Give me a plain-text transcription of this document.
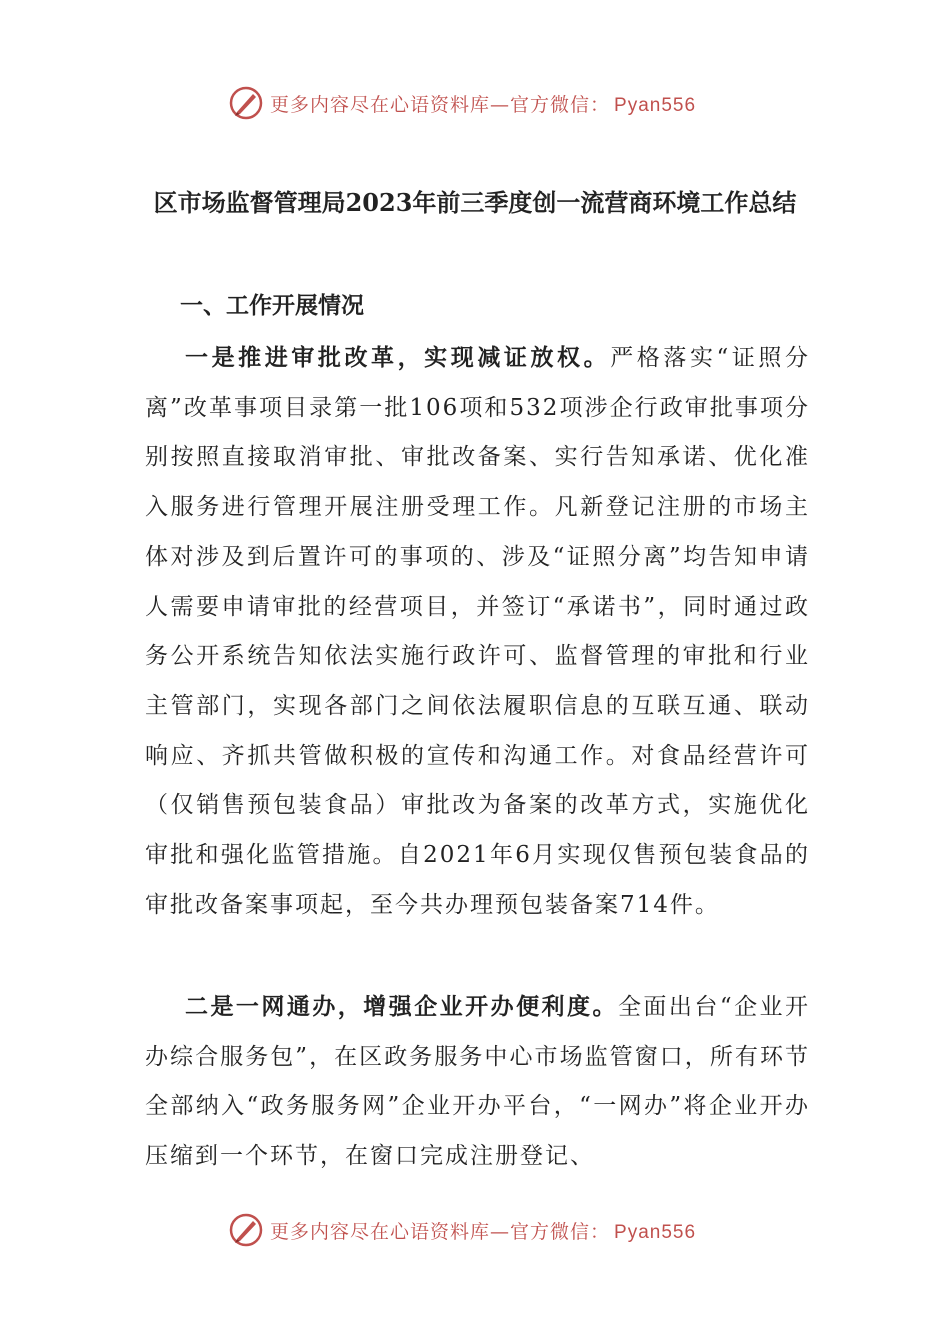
更多内容尽在心语资料库—官方微信： Pyan556
区市场监督管理局2023年前三季度创一流营商环境工作总结
一、工作开展情况

一是推进审批改革，实现减证放权。严格落实“证照分离”改革事项目录第一批106项和532项涉企行政审批事项分别按照直接取消审批、审批改备案、实行告知承诺、优化准入服务进行管理开展注册受理工作。凡新登记注册的市场主体对涉及到后置许可的事项的、涉及“证照分离”均告知申请人需要申请审批的经营项目，并签订“承诺书”，同时通过政务公开系统告知依法实施行政许可、监督管理的审批和行业主管部门，实现各部门之间依法履职信息的互联互通、联动响应、齐抓共管做积极的宣传和沟通工作。对食品经营许可（仅销售预包装食品）审批改为备案的改革方式，实施优化审批和强化监管措施。自2021年6月实现仅售预包装食品的审批改备案事项起，至今共办理预包装备案714件。

二是一网通办，增强企业开办便利度。全面出台“企业开办综合服务包”，在区政务服务中心市场监管窗口，所有环节全部纳入“政务服务网”企业开办平台，“一网办”将企业开办压缩到一个环节，在窗口完成注册登记、

更多内容尽在心语资料库—官方微信： Pyan556
